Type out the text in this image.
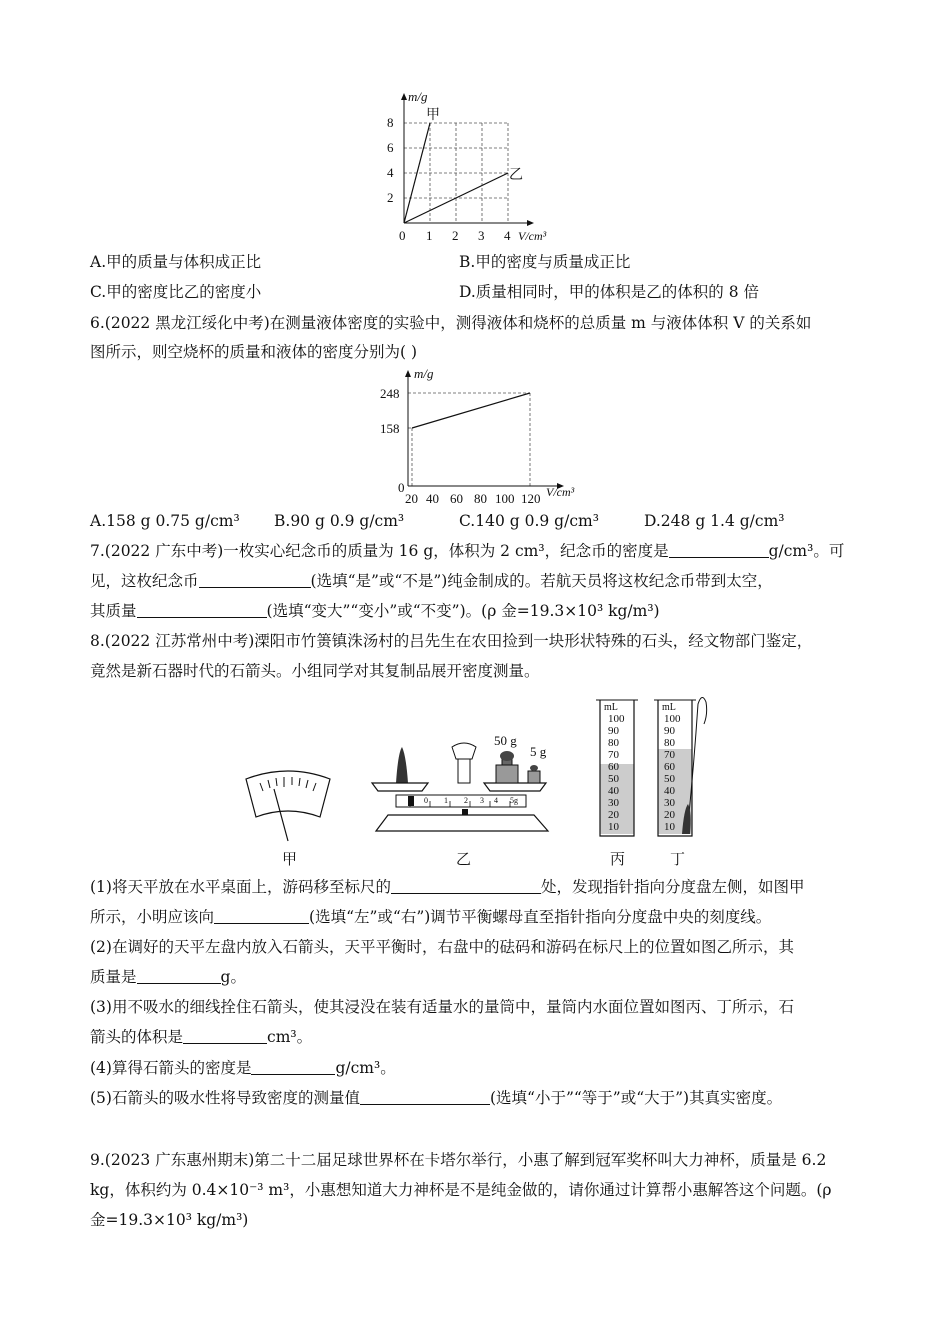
m/g
8
6
4
2
0 1 2 3 4 V/cm³
甲
乙
A.甲的质量与体积成正比	B.甲的密度与质量成正比
C.甲的密度比乙的密度小	D.质量相同时，甲的体积是乙的体积的 8 倍
6.(2022 黑龙江绥化中考)在测量液体密度的实验中，测得液体和烧杯的总质量 m 与液体体积 V 的关系如
图所示，则空烧杯的质量和液体的密度分别为( )
m/g
248
158
0
20 40 60 80 100 120 V/cm³
A.158 g 0.75 g/cm³ B.90 g 0.9 g/cm³	C.140 g 0.9 g/cm³	D.248 g 1.4 g/cm³
7.(2022 广东中考)一枚实心纪念币的质量为 16 g，体积为 2 cm³，纪念币的密度是	g/cm³。可
见，这枚纪念币	(选填“是”或“不是”)纯金制成的。若航天员将这枚纪念币带到太空，
其质量	(选填“变大”“变小”或“不变”)。(ρ 金=19.3×10³ kg/m³)
8.(2022 江苏常州中考)溧阳市竹箦镇洙汤村的吕先生在农田捡到一块形状特殊的石头，经文物部门鉴定，
竟然是新石器时代的石箭头。小组同学对其复制品展开密度测量。
50 g
5 g
0 1 2 3 4 5g
mL
100
90
80
70
60
50
40
30
20
10
mL
100
90
80
70
60
50
40
30
20
10
甲	乙	丙	丁
(1)将天平放在水平桌面上，游码移至标尺的	处，发现指针指向分度盘左侧，如图甲
所示，小明应该向	(选填“左”或“右”)调节平衡螺母直至指针指向分度盘中央的刻度线。
(2)在调好的天平左盘内放入石箭头，天平平衡时，右盘中的砝码和游码在标尺上的位置如图乙所示，其
质量是	g。
(3)用不吸水的细线拴住石箭头，使其浸没在装有适量水的量筒中，量筒内水面位置如图丙、丁所示，石
箭头的体积是	cm³。
(4)算得石箭头的密度是	g/cm³。
(5)石箭头的吸水性将导致密度的测量值	(选填“小于”“等于”或“大于”)其真实密度。
9.(2023 广东惠州期末)第二十二届足球世界杯在卡塔尔举行，小惠了解到冠军奖杯叫大力神杯，质量是 6.2
kg，体积约为 0.4×10⁻³ m³，小惠想知道大力神杯是不是纯金做的，请你通过计算帮小惠解答这个问题。(ρ
金=19.3×10³ kg/m³)
